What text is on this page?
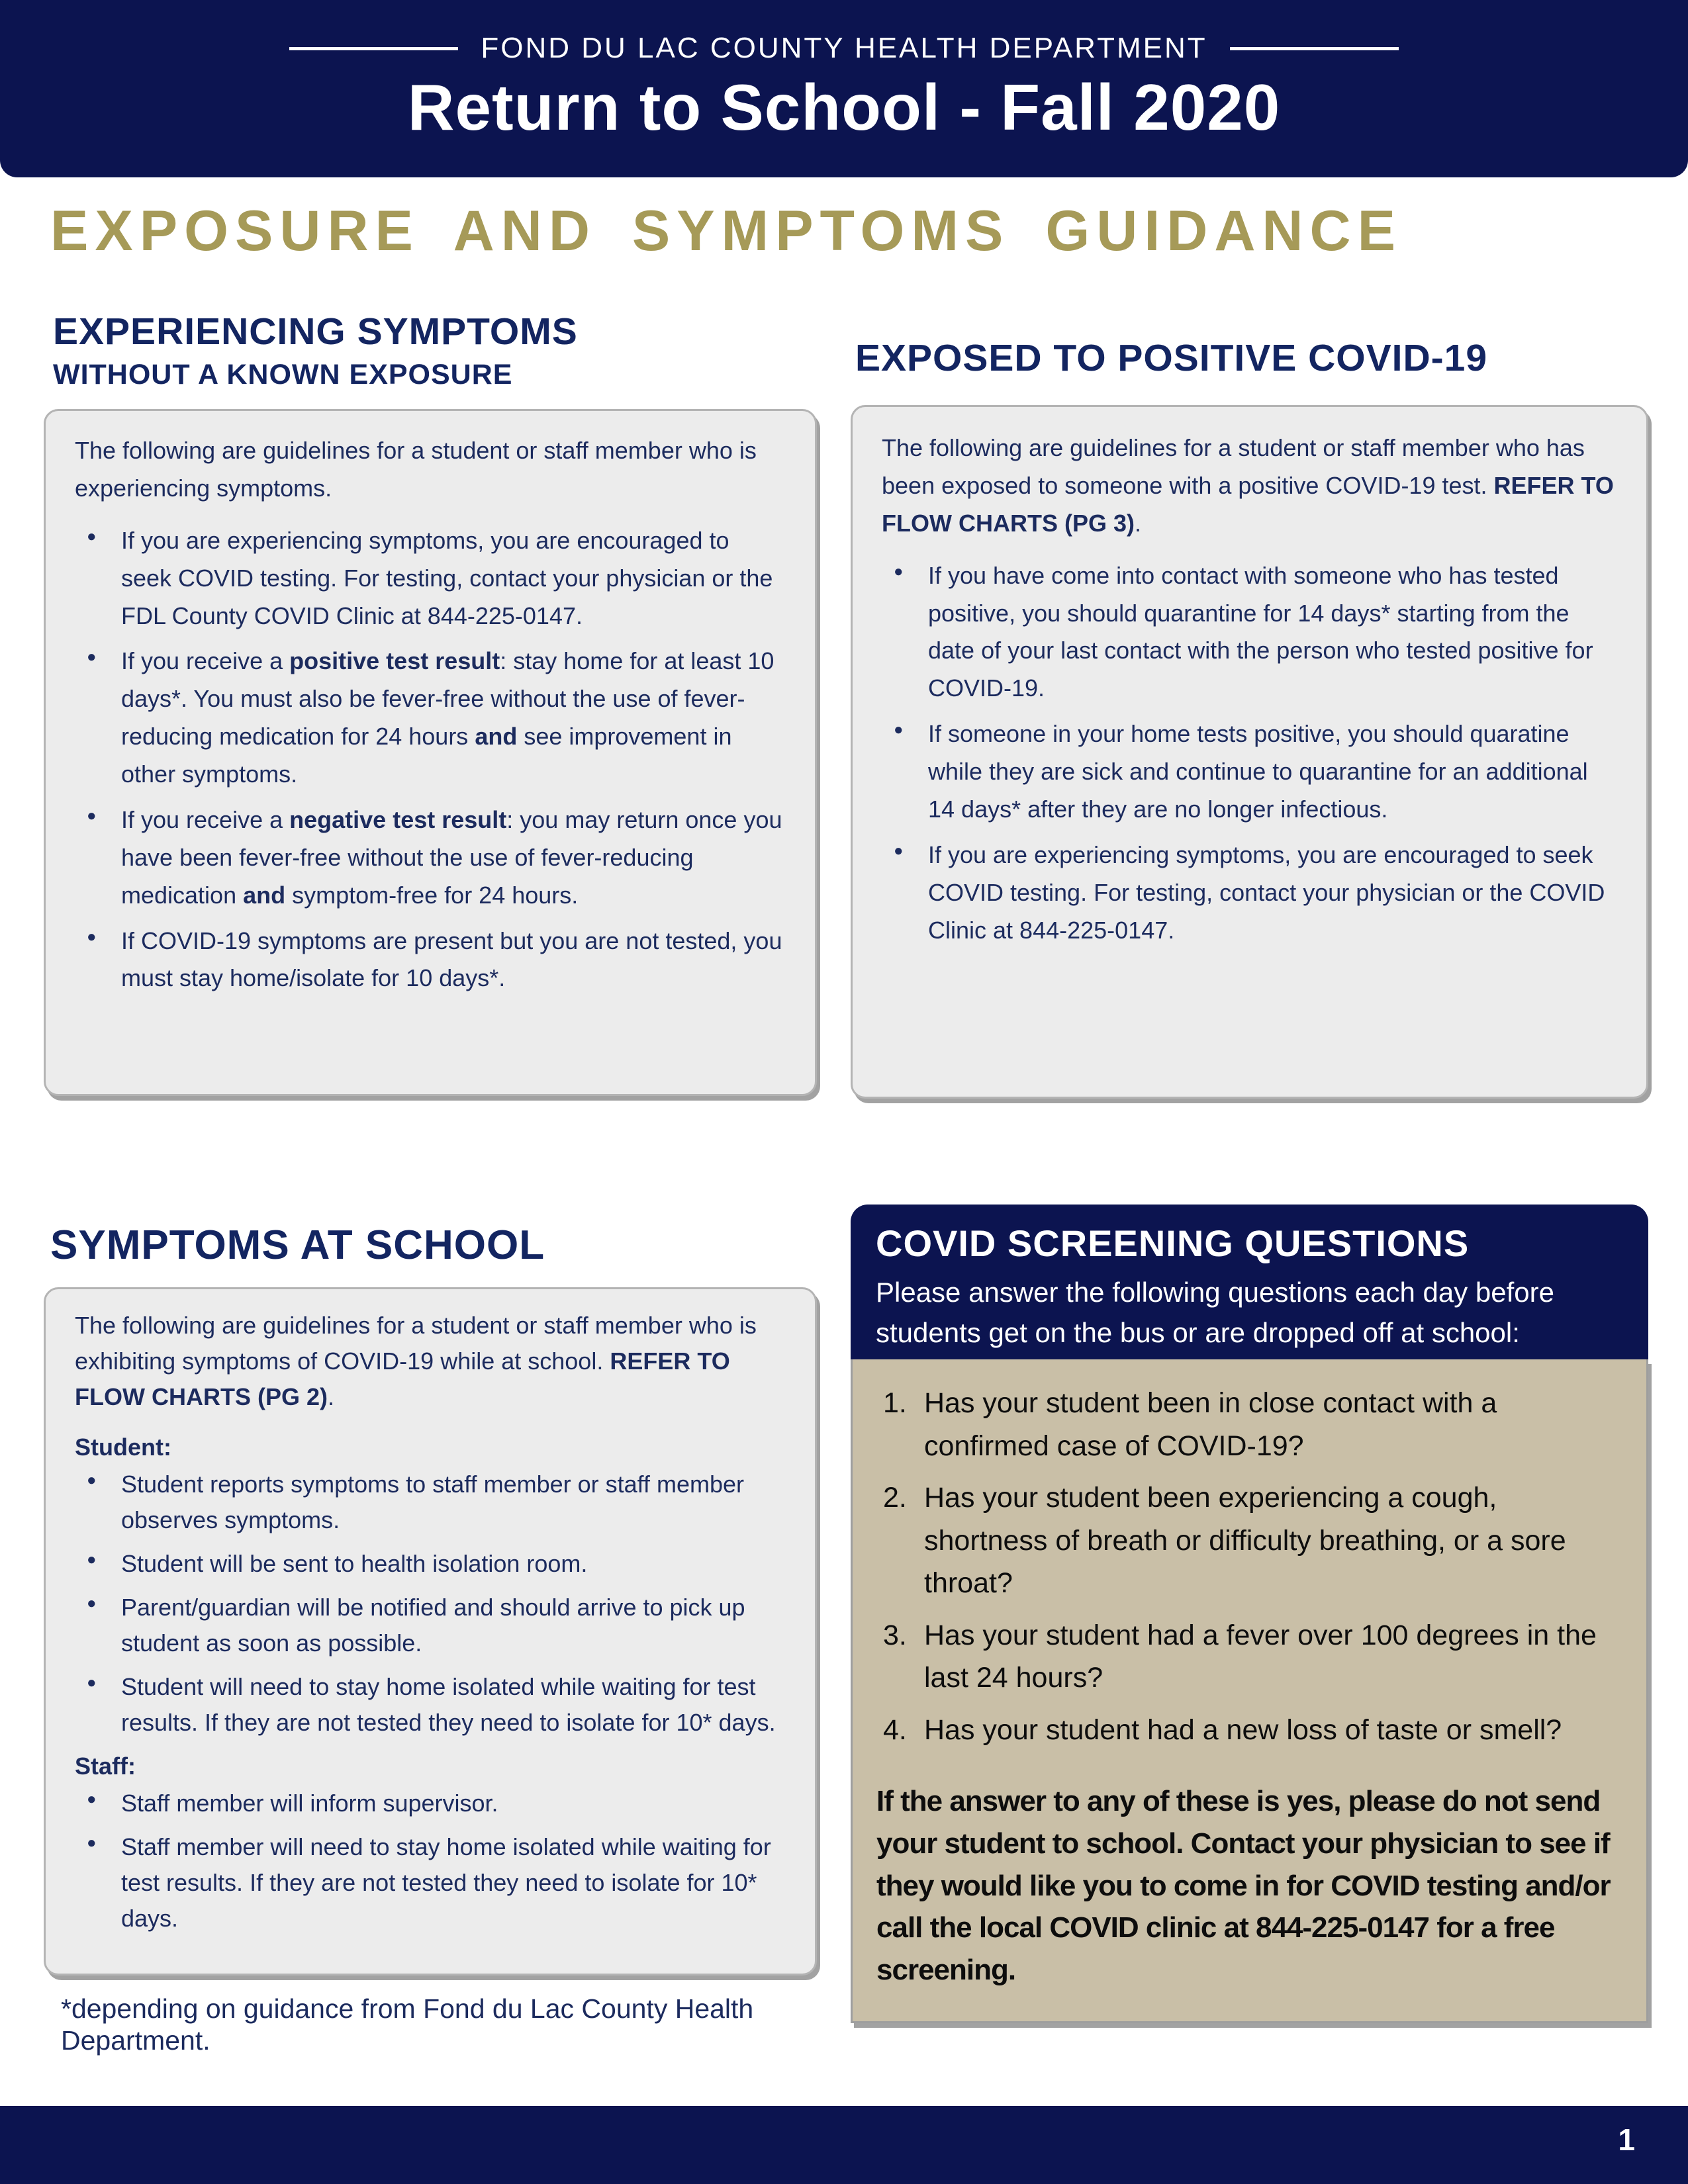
FOND DU LAC COUNTY HEALTH DEPARTMENT
Return to School - Fall 2020
EXPOSURE AND SYMPTOMS GUIDANCE
EXPERIENCING SYMPTOMS
WITHOUT A KNOWN EXPOSURE

The following are guidelines for a student or staff member who is experiencing symptoms.

● If you are experiencing symptoms, you are encouraged to seek COVID testing. For testing, contact your physician or the FDL County COVID Clinic at 844-225-0147.
● If you receive a positive test result: stay home for at least 10 days*. You must also be fever-free without the use of fever-reducing medication for 24 hours and see improvement in other symptoms.
● If you receive a negative test result: you may return once you have been fever-free without the use of fever-reducing medication and symptom-free for 24 hours.
● If COVID-19 symptoms are present but you are not tested, you must stay home/isolate for 10 days*.
EXPOSED TO POSITIVE COVID-19

The following are guidelines for a student or staff member who has been exposed to someone with a positive COVID-19 test. REFER TO FLOW CHARTS (PG 3).

● If you have come into contact with someone who has tested positive, you should quarantine for 14 days* starting from the date of your last contact with the person who tested positive for COVID-19.
● If someone in your home tests positive, you should quaratine while they are sick and continue to quarantine for an additional 14 days* after they are no longer infectious.
● If you are experiencing symptoms, you are encouraged to seek COVID testing. For testing, contact your physician or the COVID Clinic at 844-225-0147.
SYMPTOMS AT SCHOOL

The following are guidelines for a student or staff member who is exhibiting symptoms of COVID-19 while at school. REFER TO FLOW CHARTS (PG 2).

Student:
● Student reports symptoms to staff member or staff member observes symptoms.
● Student will be sent to health isolation room.
● Parent/guardian will be notified and should arrive to pick up student as soon as possible.
● Student will need to stay home isolated while waiting for test results. If they are not tested they need to isolate for 10* days.
Staff:
● Staff member will inform supervisor.
● Staff member will need to stay home isolated while waiting for test results. If they are not tested they need to isolate for 10* days.

*depending on guidance from Fond du Lac County Health Department.

COVID SCREENING QUESTIONS

Please answer the following questions each day before students get on the bus or are dropped off at school:

1. Has your student been in close contact with a confirmed case of COVID-19?
2. Has your student been experiencing a cough, shortness of breath or difficulty breathing, or a sore throat?
3. Has your student had a fever over 100 degrees in the last 24 hours?
4. Has your student had a new loss of taste or smell?

If the answer to any of these is yes, please do not send your student to school. Contact your physician to see if they would like you to come in for COVID testing and/or call the local COVID clinic at 844-225-0147 for a free screening.

1
